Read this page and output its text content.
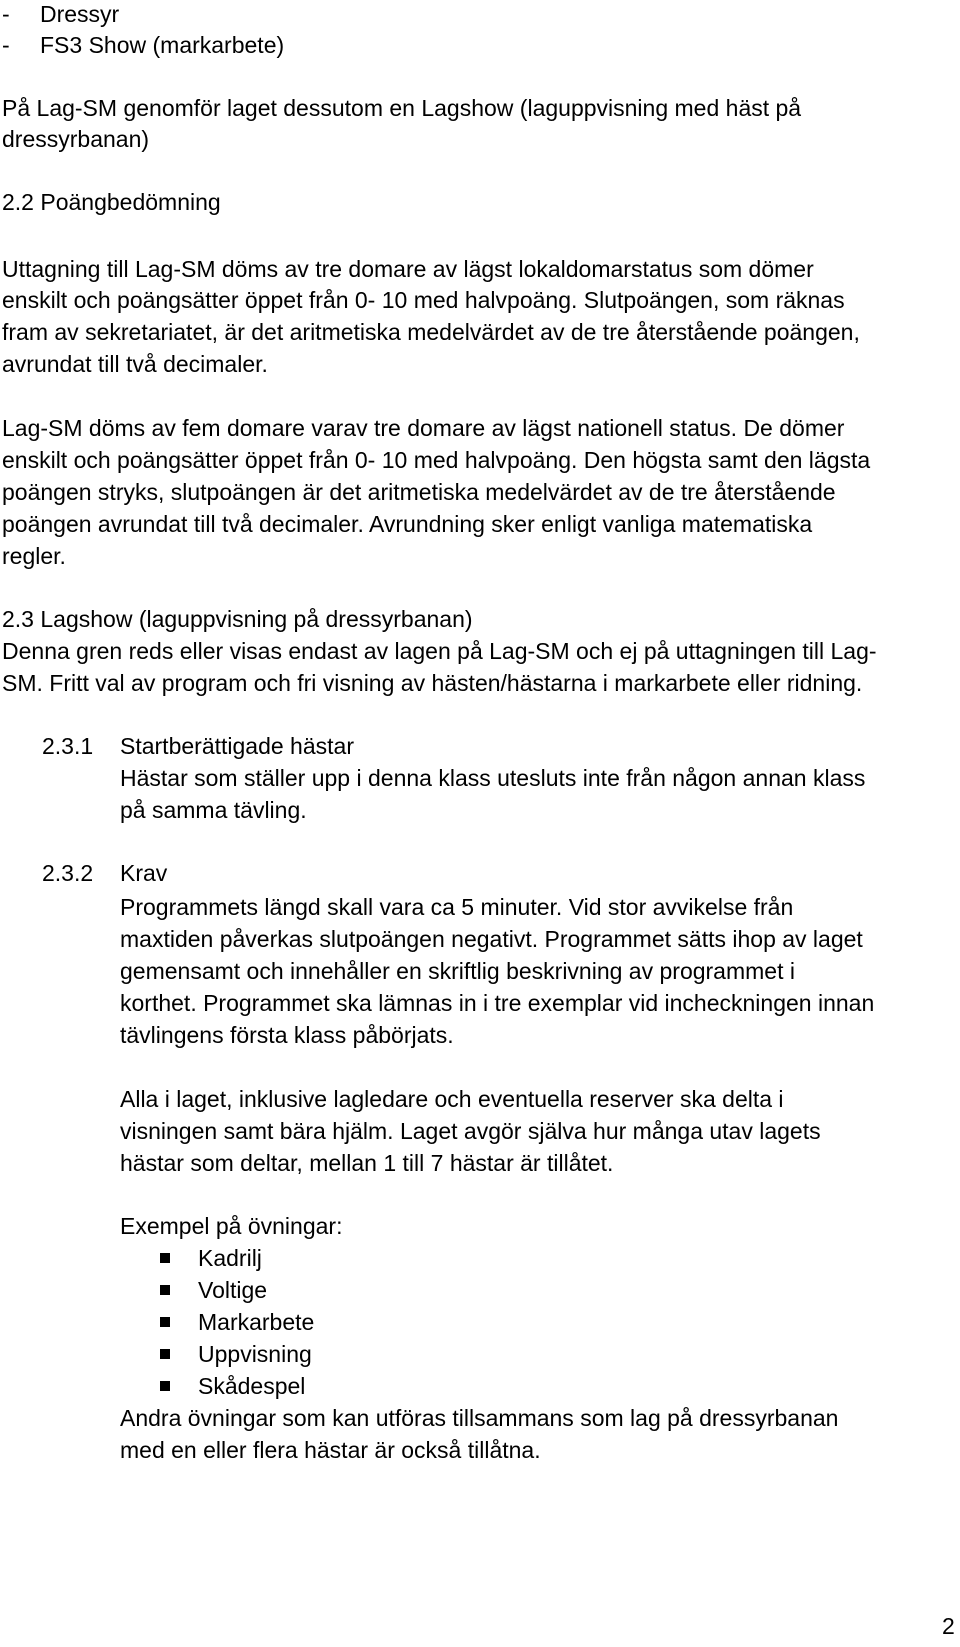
- Dressyr
- FS3 Show (markarbete)
På Lag-SM genomför laget dessutom en Lagshow (laguppvisning med häst på
dressyrbanan)
2.2 Poängbedömning
Uttagning till Lag-SM döms av tre domare av lägst lokaldomarstatus som dömer
enskilt och poängsätter öppet från 0- 10 med halvpoäng. Slutpoängen, som räknas
fram av sekretariatet, är det aritmetiska medelvärdet av de tre återstående poängen,
avrundat till två decimaler.
Lag-SM döms av fem domare varav tre domare av lägst nationell status. De dömer
enskilt och poängsätter öppet från 0- 10 med halvpoäng. Den högsta samt den lägsta
poängen stryks, slutpoängen är det aritmetiska medelvärdet av de tre återstående
poängen avrundat till två decimaler. Avrundning sker enligt vanliga matematiska
regler.
2.3 Lagshow (laguppvisning på dressyrbanan)
Denna gren reds eller visas endast av lagen på Lag-SM och ej på uttagningen till Lag-
SM. Fritt val av program och fri visning av hästen/hästarna i markarbete eller ridning.
2.3.1 Startberättigade hästar
Hästar som ställer upp i denna klass utesluts inte från någon annan klass
på samma tävling.
2.3.2 Krav
Programmets längd skall vara ca 5 minuter. Vid stor avvikelse från
maxtiden påverkas slutpoängen negativt. Programmet sätts ihop av laget
gemensamt och innehåller en skriftlig beskrivning av programmet i
korthet. Programmet ska lämnas in i tre exemplar vid incheckningen innan
tävlingens första klass påbörjats.
Alla i laget, inklusive lagledare och eventuella reserver ska delta i
visningen samt bära hjälm. Laget avgör själva hur många utav lagets
hästar som deltar, mellan 1 till 7 hästar är tillåtet.
Exempel på övningar:
Kadrilj
Voltige
Markarbete
Uppvisning
Skådespel
Andra övningar som kan utföras tillsammans som lag på dressyrbanan
med en eller flera hästar är också tillåtna.
2
